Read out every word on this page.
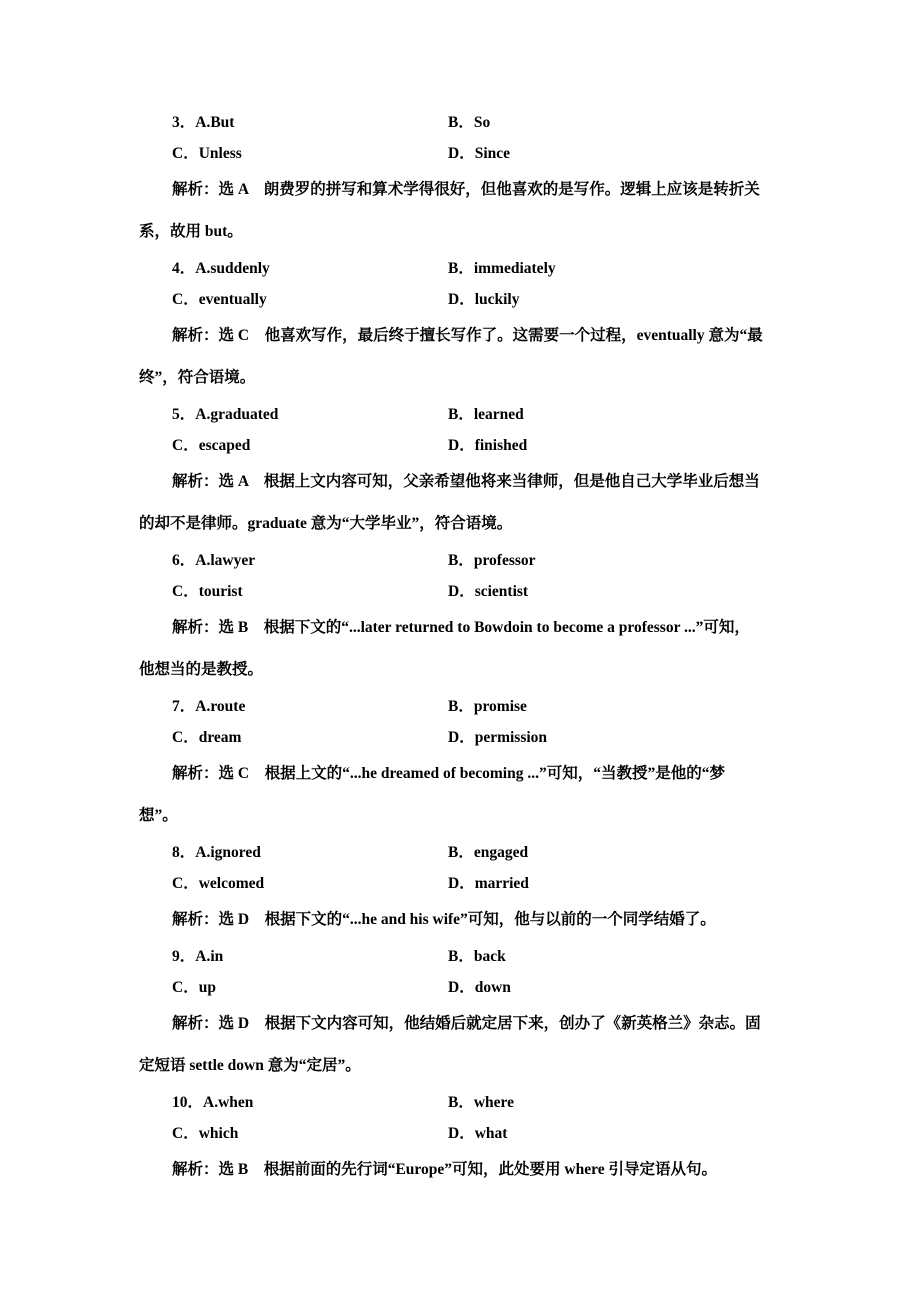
3．A.But	B．So
C．Unless	D．Since
解析：选 A　朗费罗的拼写和算术学得很好，但他喜欢的是写作。逻辑上应该是转折关
系，故用 but。
4．A.suddenly	B．immediately
C．eventually	D．luckily
解析：选 C　他喜欢写作，最后终于擅长写作了。这需要一个过程，eventually 意为“最
终”，符合语境。
5．A.graduated	B．learned
C．escaped	D．finished
解析：选 A　根据上文内容可知，父亲希望他将来当律师，但是他自己大学毕业后想当
的却不是律师。graduate 意为“大学毕业”，符合语境。
6．A.lawyer	B．professor
C．tourist	D．scientist
解析：选 B　根据下文的“...later returned to Bowdoin to become a professor ...”可知，
他想当的是教授。
7．A.route	B．promise
C．dream	D．permission
解析：选 C　根据上文的“...he dreamed of becoming ...”可知，“当教授”是他的“梦
想”。
8．A.ignored	B．engaged
C．welcomed	D．married
解析：选 D　根据下文的“...he and his wife”可知，他与以前的一个同学结婚了。
9．A.in	B．back
C．up	D．down
解析：选 D　根据下文内容可知，他结婚后就定居下来，创办了《新英格兰》杂志。固
定短语 settle down 意为“定居”。
10．A.when	B．where
C．which	D．what
解析：选 B　根据前面的先行词“Europe”可知，此处要用 where 引导定语从句。
